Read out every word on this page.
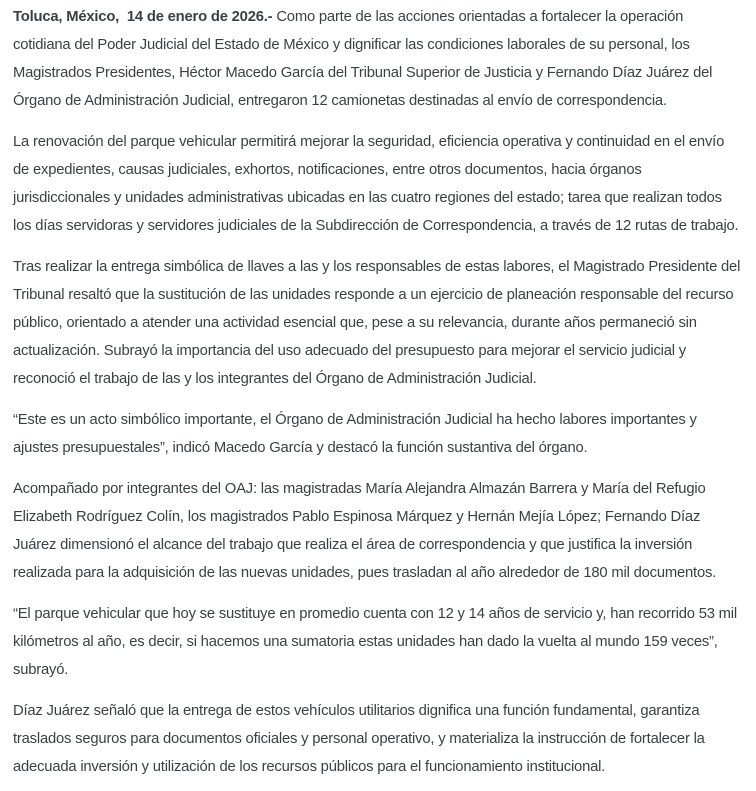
Toluca, México,  14 de enero de 2026.- Como parte de las acciones orientadas a fortalecer la operación cotidiana del Poder Judicial del Estado de México y dignificar las condiciones laborales de su personal, los Magistrados Presidentes, Héctor Macedo García del Tribunal Superior de Justicia y Fernando Díaz Juárez del Órgano de Administración Judicial, entregaron 12 camionetas destinadas al envío de correspondencia.

La renovación del parque vehicular permitirá mejorar la seguridad, eficiencia operativa y continuidad en el envío de expedientes, causas judiciales, exhortos, notificaciones, entre otros documentos, hacia órganos jurisdiccionales y unidades administrativas ubicadas en las cuatro regiones del estado; tarea que realizan todos los días servidoras y servidores judiciales de la Subdirección de Correspondencia, a través de 12 rutas de trabajo.

Tras realizar la entrega simbólica de llaves a las y los responsables de estas labores, el Magistrado Presidente del Tribunal resaltó que la sustitución de las unidades responde a un ejercicio de planeación responsable del recurso público, orientado a atender una actividad esencial que, pese a su relevancia, durante años permaneció sin actualización. Subrayó la importancia del uso adecuado del presupuesto para mejorar el servicio judicial y reconoció el trabajo de las y los integrantes del Órgano de Administración Judicial.

“Este es un acto simbólico importante, el Órgano de Administración Judicial ha hecho labores importantes y ajustes presupuestales”, indicó Macedo García y destacó la función sustantiva del órgano.

Acompañado por integrantes del OAJ: las magistradas María Alejandra Almazán Barrera y María del Refugio Elizabeth Rodríguez Colín, los magistrados Pablo Espinosa Márquez y Hernán Mejía López; Fernando Díaz Juárez dimensionó el alcance del trabajo que realiza el área de correspondencia y que justifica la inversión realizada para la adquisición de las nuevas unidades, pues trasladan al año alrededor de 180 mil documentos.

“El parque vehicular que hoy se sustituye en promedio cuenta con 12 y 14 años de servicio y, han recorrido 53 mil kilómetros al año, es decir, si hacemos una sumatoria estas unidades han dado la vuelta al mundo 159 veces”, subrayó.

Díaz Juárez señaló que la entrega de estos vehículos utilitarios dignifica una función fundamental, garantiza traslados seguros para documentos oficiales y personal operativo, y materializa la instrucción de fortalecer la adecuada inversión y utilización de los recursos públicos para el funcionamiento institucional.
